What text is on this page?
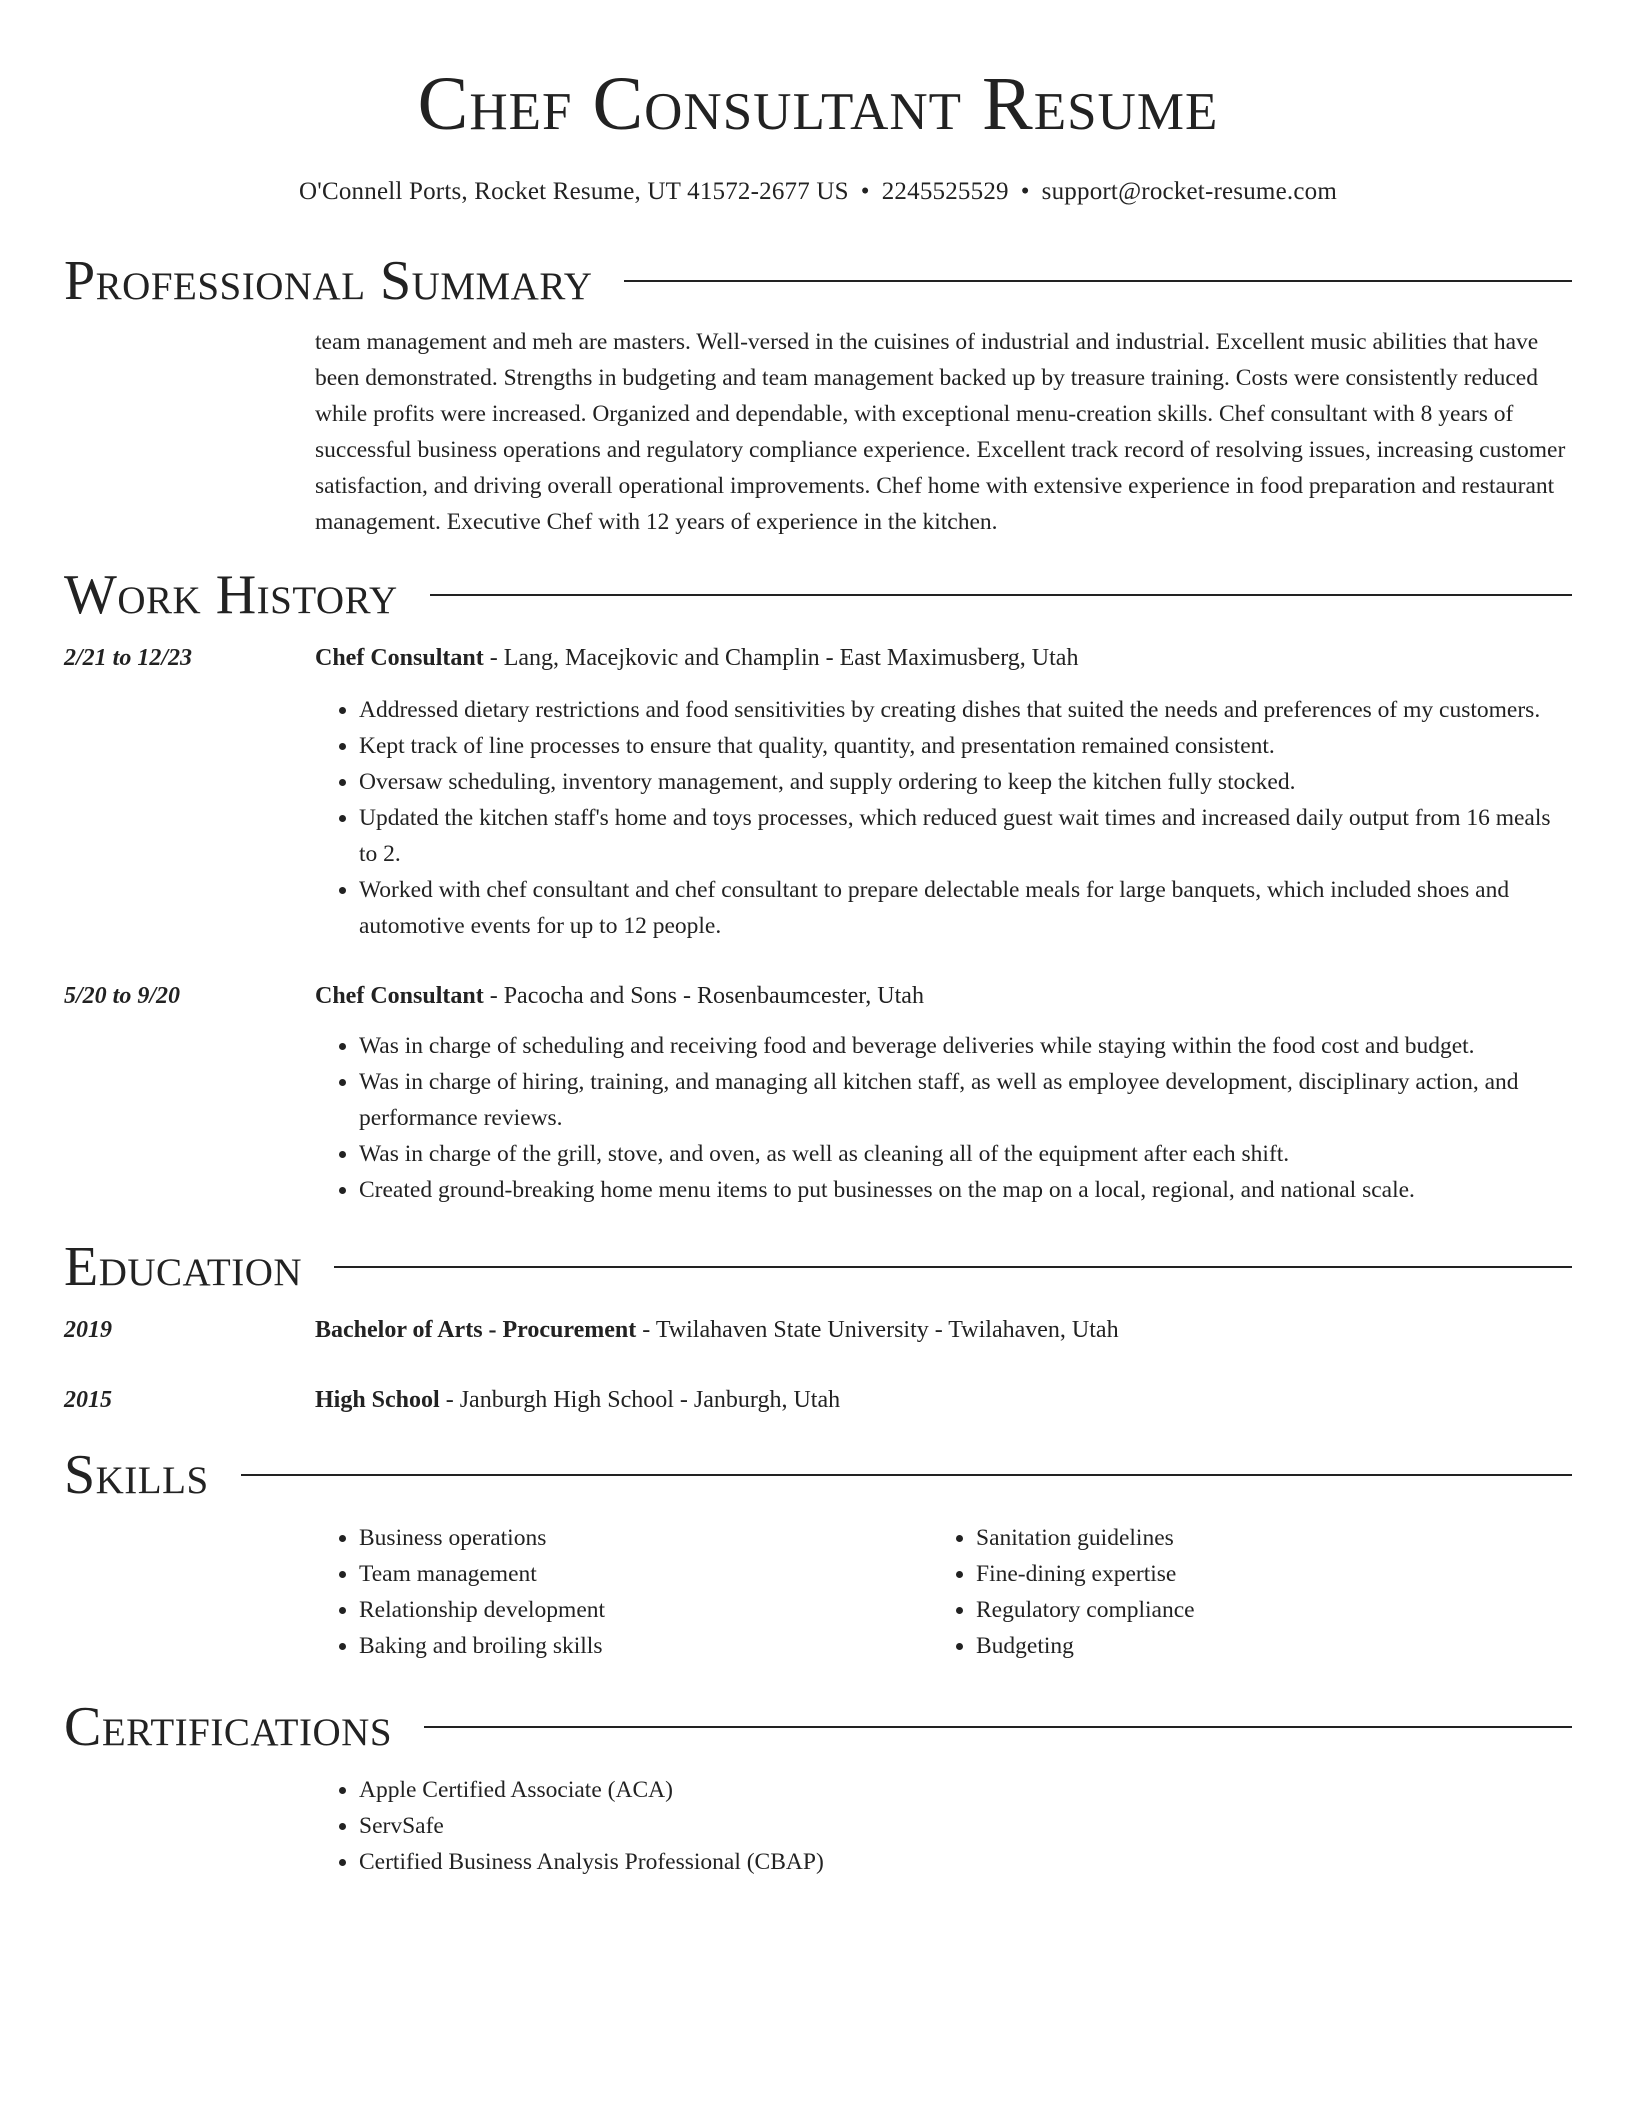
Chef Consultant Resume
O'Connell Ports, Rocket Resume, UT 41572-2677 US • 2245525529 • support@rocket-resume.com
Professional Summary
team management and meh are masters. Well-versed in the cuisines of industrial and industrial. Excellent music abilities that have been demonstrated. Strengths in budgeting and team management backed up by treasure training. Costs were consistently reduced while profits were increased. Organized and dependable, with exceptional menu-creation skills. Chef consultant with 8 years of successful business operations and regulatory compliance experience. Excellent track record of resolving issues, increasing customer satisfaction, and driving overall operational improvements. Chef home with extensive experience in food preparation and restaurant management. Executive Chef with 12 years of experience in the kitchen.
Work History
2/21 to 12/23	Chef Consultant - Lang, Macejkovic and Champlin - East Maximusberg, Utah
• Addressed dietary restrictions and food sensitivities by creating dishes that suited the needs and preferences of my customers.
• Kept track of line processes to ensure that quality, quantity, and presentation remained consistent.
• Oversaw scheduling, inventory management, and supply ordering to keep the kitchen fully stocked.
• Updated the kitchen staff's home and toys processes, which reduced guest wait times and increased daily output from 16 meals to 2.
• Worked with chef consultant and chef consultant to prepare delectable meals for large banquets, which included shoes and automotive events for up to 12 people.
5/20 to 9/20	Chef Consultant - Pacocha and Sons - Rosenbaumcester, Utah
• Was in charge of scheduling and receiving food and beverage deliveries while staying within the food cost and budget.
• Was in charge of hiring, training, and managing all kitchen staff, as well as employee development, disciplinary action, and performance reviews.
• Was in charge of the grill, stove, and oven, as well as cleaning all of the equipment after each shift.
• Created ground-breaking home menu items to put businesses on the map on a local, regional, and national scale.
Education
2019	Bachelor of Arts - Procurement - Twilahaven State University - Twilahaven, Utah
2015	High School - Janburgh High School - Janburgh, Utah
Skills
• Business operations
• Team management
• Relationship development
• Baking and broiling skills
• Sanitation guidelines
• Fine-dining expertise
• Regulatory compliance
• Budgeting
Certifications
• Apple Certified Associate (ACA)
• ServSafe
• Certified Business Analysis Professional (CBAP)
